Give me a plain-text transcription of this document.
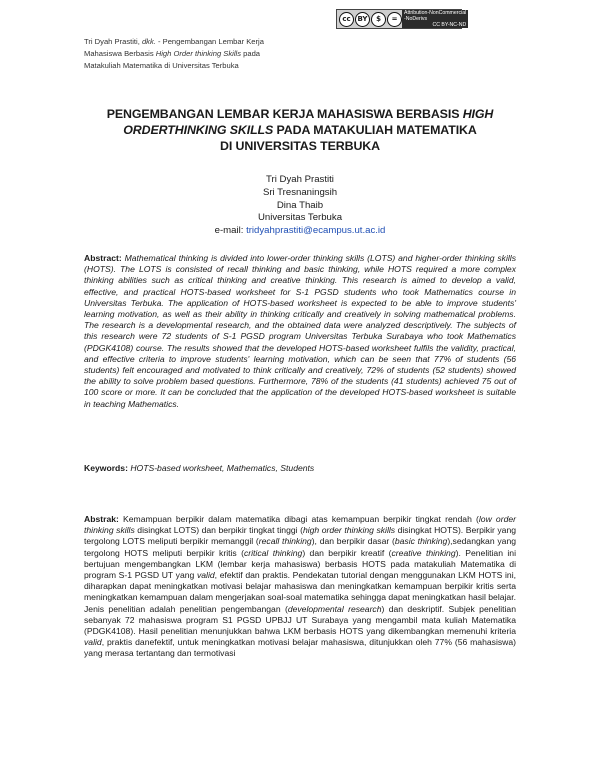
Tri Dyah Prastiti, dkk. - Pengembangan Lembar Kerja
Mahasiswa Berbasis High Order thinking Skills pada
Matakuliah Matematika di Universitas Terbuka
cc BY	$	=
Attribution-NonCommercial
-NoDerivs
CC BY-NC-ND
PENGEMBANGAN LEMBAR KERJA MAHASISWA BERBASIS HIGH ORDERTHINKING SKILLS PADA MATAKULIAH MATEMATIKA
DI UNIVERSITAS TERBUKA
Tri Dyah Prastiti
Sri Tresnaningsih
Dina Thaib
Universitas Terbuka
e-mail: tridyahprastiti@ecampus.ut.ac.id
Abstract: Mathematical thinking is divided into lower-order thinking skills (LOTS) and higher-order thinking skills (HOTS). The LOTS is consisted of recall thinking and basic thinking, while HOTS required a more complex thinking abilities such as critical thinking and creative thinking. This research is aimed to develop a valid, effective, and practical HOTS-based worksheet for S-1 PGSD students who took Mathematics course in Universitas Terbuka. The application of HOTS-based worksheet is expected to be able to improve students' learning motivation, as well as their ability in thinking critically and creatively in solving mathematical problems. The research is a developmental research, and the obtained data were analyzed descriptively. The subjects of this research were 72 students of S-1 PGSD program Universitas Terbuka Surabaya who took Mathematics (PDGK4108) course. The results showed that the developed HOTS-based worksheet fulfils the validity, practical, and effective criteria to improve students' learning motivation, which can be seen that 77% of students (56 students) felt encouraged and motivated to think critically and creatively, 72% of students (52 students) showed the ability to solve problem based questions. Furthermore, 78% of the students (41 students) achieved 75 out of 100 score or more. It can be concluded that the application of the developed HOTS-based worksheet is suitable in teaching Mathematics.
Keywords: HOTS-based worksheet, Mathematics, Students
Abstrak: Kemampuan berpikir dalam matematika dibagi atas kemampuan berpikir tingkat rendah (low order thinking skills disingkat LOTS) dan berpikir tingkat tinggi (high order thinking skills disingkat HOTS). Berpikir yang tergolong LOTS meliputi berpikir memanggil (recall thinking), dan berpikir dasar (basic thinking),sedangkan yang tergolong HOTS meliputi berpikir kritis (critical thinking) dan berpikir kreatif (creative thinking). Penelitian ini bertujuan mengembangkan LKM (lembar kerja mahasiswa) berbasis HOTS pada matakuliah Matematika di program S-1 PGSD UT yang valid, efektif dan praktis. Pendekatan tutorial dengan menggunakan LKM HOTS ini, diharapkan dapat meningkatkan motivasi belajar mahasiswa dan meningkatkan kemampuan berpikir kritis serta meningkatkan kemampuan dalam mengerjakan soal-soal matematika sehingga dapat meningkatkan hasil belajar. Jenis penelitian adalah penelitian pengembangan (developmental research) dan deskriptif. Subjek penelitian sebanyak 72 mahasiswa program S1 PGSD UPBJJ UT Surabaya yang mengambil mata kuliah Matematika (PDGK4108). Hasil penelitian menunjukkan bahwa LKM berbasis HOTS yang dikembangkan memenuhi kriteria valid, praktis danefektif, untuk meningkatkan motivasi belajar mahasiswa, ditunjukkan oleh 77% (56 mahasiswa) yang merasa tertantang dan termotivasi
